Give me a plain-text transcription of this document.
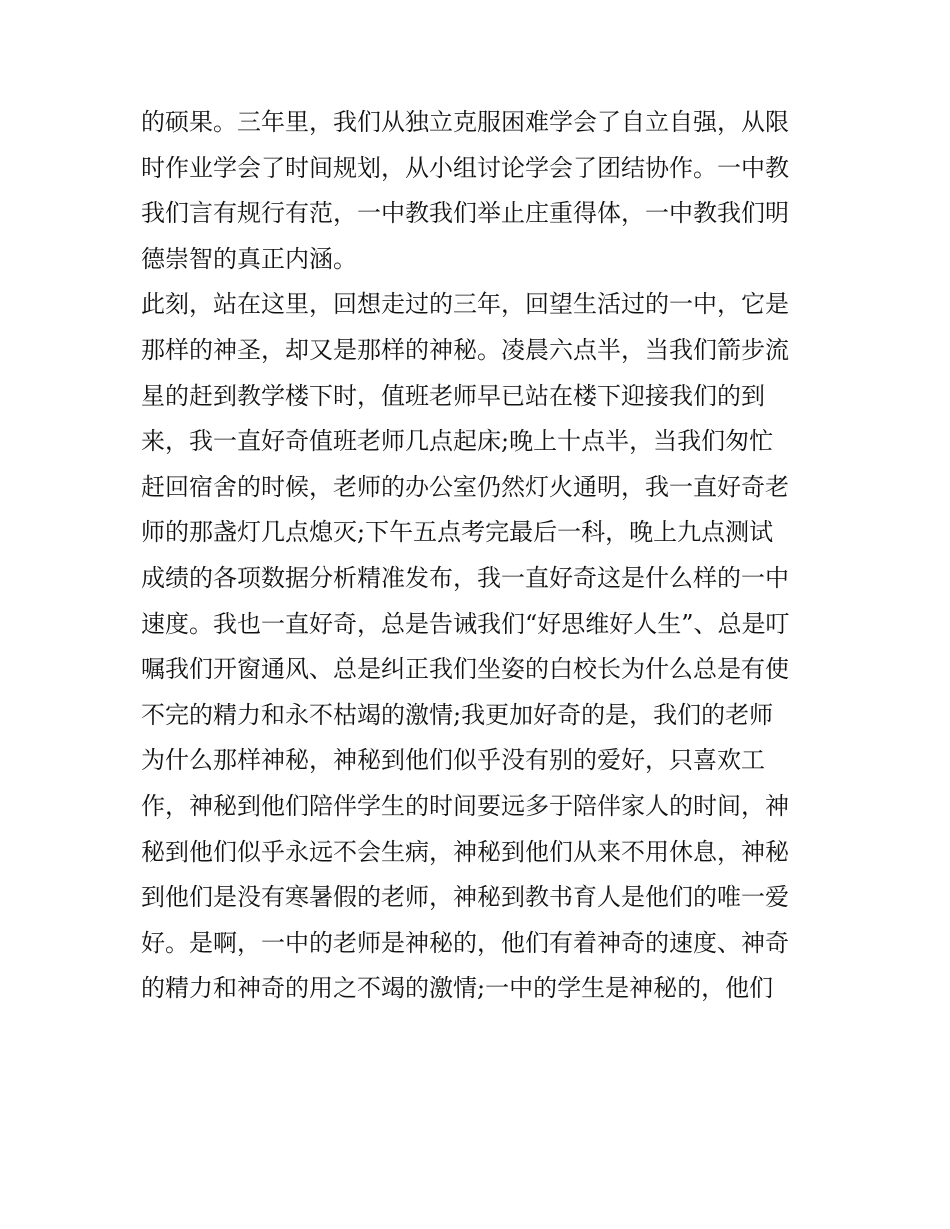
的硕果。三年里，我们从独立克服困难学会了自立自强，从限
时作业学会了时间规划，从小组讨论学会了团结协作。一中教
我们言有规行有范，一中教我们举止庄重得体，一中教我们明
德崇智的真正内涵。
此刻，站在这里，回想走过的三年，回望生活过的一中，它是
那样的神圣，却又是那样的神秘。凌晨六点半，当我们箭步流
星的赶到教学楼下时，值班老师早已站在楼下迎接我们的到
来，我一直好奇值班老师几点起床;晚上十点半，当我们匆忙
赶回宿舍的时候，老师的办公室仍然灯火通明，我一直好奇老
师的那盏灯几点熄灭;下午五点考完最后一科，晚上九点测试
成绩的各项数据分析精准发布，我一直好奇这是什么样的一中
速度。我也一直好奇，总是告诫我们“好思维好人生”、总是叮
嘱我们开窗通风、总是纠正我们坐姿的白校长为什么总是有使
不完的精力和永不枯竭的激情;我更加好奇的是，我们的老师
为什么那样神秘，神秘到他们似乎没有别的爱好，只喜欢工
作，神秘到他们陪伴学生的时间要远多于陪伴家人的时间，神
秘到他们似乎永远不会生病，神秘到他们从来不用休息，神秘
到他们是没有寒暑假的老师，神秘到教书育人是他们的唯一爱
好。是啊，一中的老师是神秘的，他们有着神奇的速度、神奇
的精力和神奇的用之不竭的激情;一中的学生是神秘的，他们
